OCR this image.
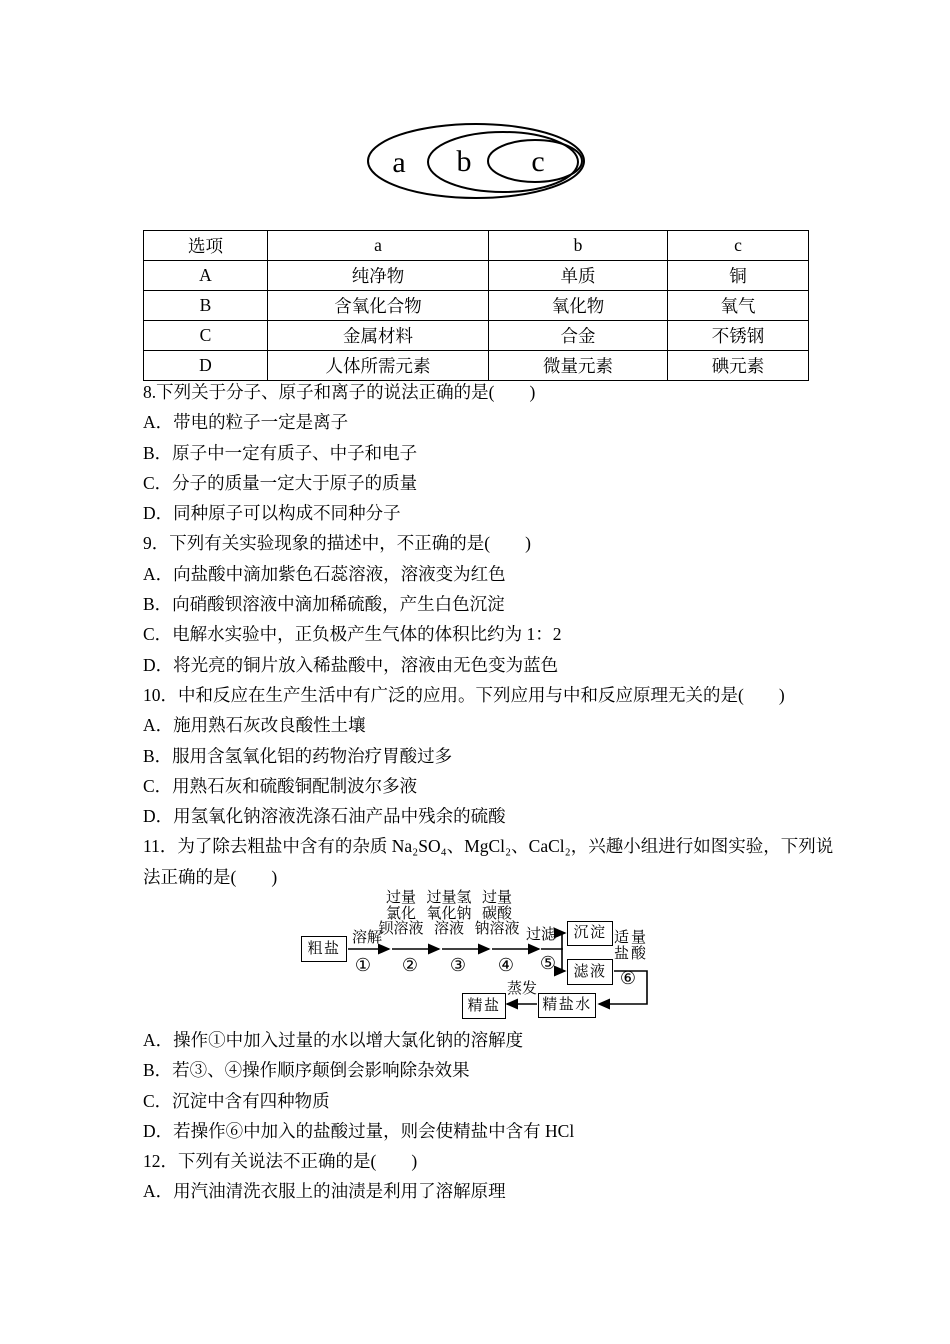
a b c
选项	a	b	c
A	纯净物	单质	铜
B	含氧化合物	氧化物	氧气
C	金属材料	合金	不锈钢
D	人体所需元素	微量元素	碘元素

8.下列关于分子、原子和离子的说法正确的是(　　)

A．带电的粒子一定是离子

B．原子中一定有质子、中子和电子

C．分子的质量一定大于原子的质量

D．同种原子可以构成不同种分子

9．下列有关实验现象的描述中，不正确的是(　　)

A．向盐酸中滴加紫色石蕊溶液，溶液变为红色

B．向硝酸钡溶液中滴加稀硫酸，产生白色沉淀

C．电解水实验中，正负极产生气体的体积比约为 1：2

D．将光亮的铜片放入稀盐酸中，溶液由无色变为蓝色

10．中和反应在生产生活中有广泛的应用。下列应用与中和反应原理无关的是(　　)

A．施用熟石灰改良酸性土壤

B．服用含氢氧化铝的药物治疗胃酸过多

C．用熟石灰和硫酸铜配制波尔多液

D．用氢氧化钠溶液洗涤石油产品中残余的硫酸

11．为了除去粗盐中含有的杂质 Na₂SO₄、MgCl₂、CaCl₂，兴趣小组进行如图实验，下列说

法正确的是(　　)

粗盐
沉淀
滤液
精盐水
精盐
溶解
过量
氯化
钡溶液
过量氢
氧化钠
溶液
过量
碳酸
钠溶液 过滤	适量
盐酸
蒸发
① ② ③ ④ ⑤
⑥

A．操作①中加入过量的水以增大氯化钠的溶解度

B．若③、④操作顺序颠倒会影响除杂效果

C．沉淀中含有四种物质

D．若操作⑥中加入的盐酸过量，则会使精盐中含有 HCl

12．下列有关说法不正确的是(　　)

A．用汽油清洗衣服上的油渍是利用了溶解原理
